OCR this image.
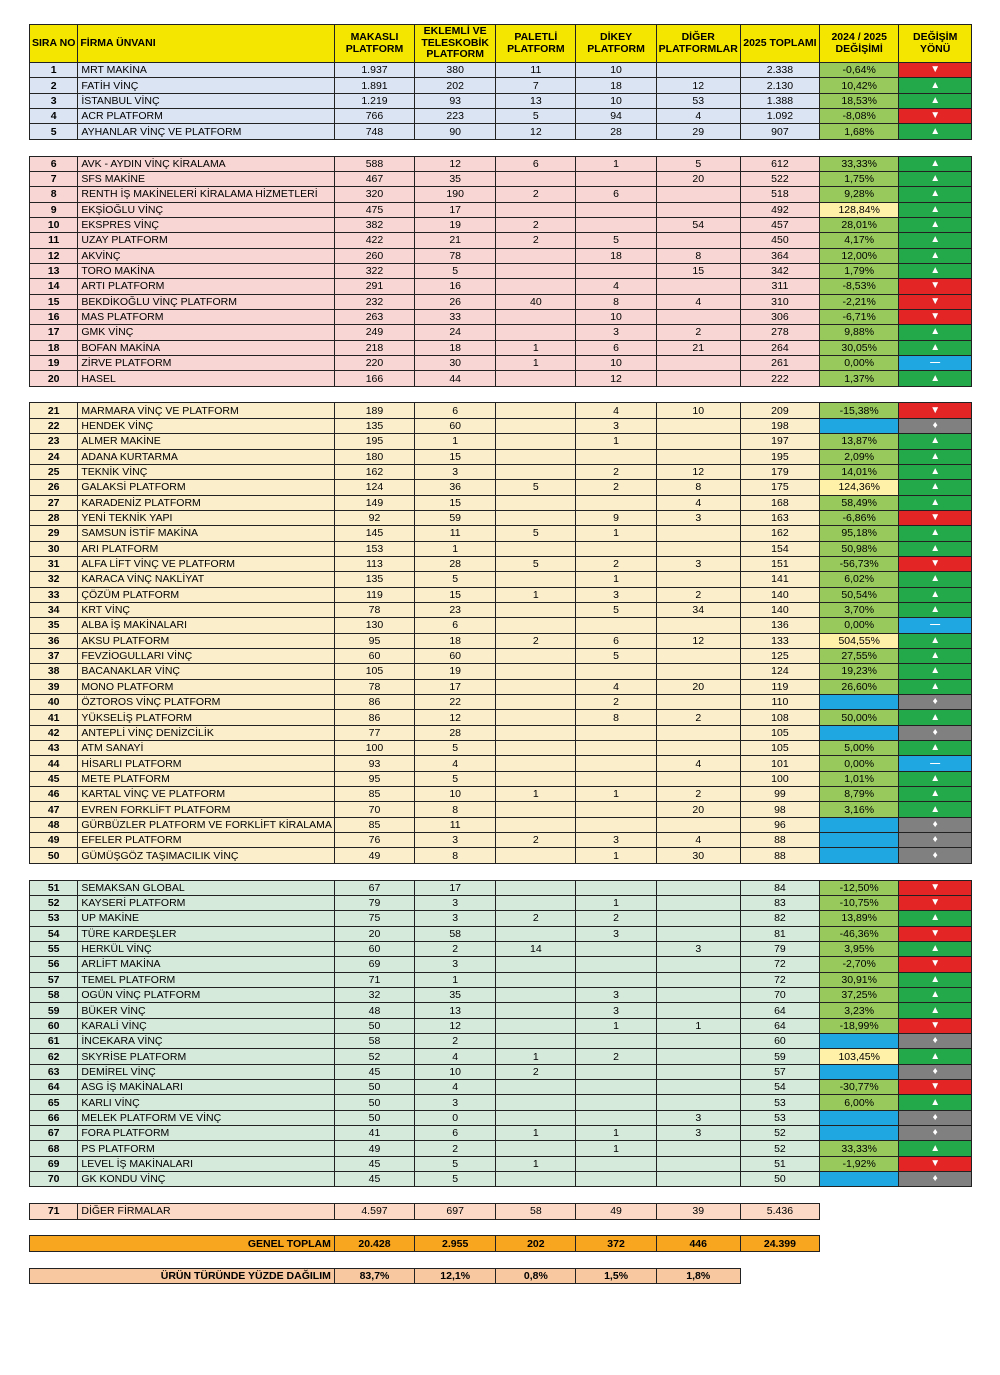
SIRA NO	FİRMA ÜNVANI	MAKASLI PLATFORM	EKLEMLİ VE TELESKOBİK PLATFORM	PALETLİ PLATFORM	DİKEY PLATFORM	DİĞER PLATFORMLAR	2025 TOPLAMI	2024 / 2025 DEĞİŞİMİ	DEĞİŞİM YÖNÜ
1	MRT MAKİNA	1.937	380	11	10		2.338	-0,64%	▼
2	FATİH VİNÇ	1.891	202	7	18	12	2.130	10,42%	▲
3	İSTANBUL VİNÇ	1.219	93	13	10	53	1.388	18,53%	▲
4	ACR PLATFORM	766	223	5	94	4	1.092	-8,08%	▼
5	AYHANLAR VİNÇ VE PLATFORM	748	90	12	28	29	907	1,68%	▲

6	AVK - AYDIN VİNÇ KİRALAMA	588	12	6	1	5	612	33,33%	▲
7	SFS MAKİNE	467	35			20	522	1,75%	▲
8	RENTH İŞ MAKİNELERİ KİRALAMA HİZMETLERİ	320	190	2	6		518	9,28%	▲
9	EKŞİOĞLU VİNÇ	475	17				492	128,84%	▲
10	EKSPRES VİNÇ	382	19	2		54	457	28,01%	▲
11	UZAY PLATFORM	422	21	2	5		450	4,17%	▲
12	AKVİNÇ	260	78		18	8	364	12,00%	▲
13	TORO MAKİNA	322	5			15	342	1,79%	▲
14	ARTI PLATFORM	291	16		4		311	-8,53%	▼
15	BEKDİKOĞLU VİNÇ PLATFORM	232	26	40	8	4	310	-2,21%	▼
16	MAS PLATFORM	263	33		10		306	-6,71%	▼
17	GMK VİNÇ	249	24		3	2	278	9,88%	▲
18	BOFAN MAKİNA	218	18	1	6	21	264	30,05%	▲
19	ZİRVE PLATFORM	220	30	1	10		261	0,00%	—
20	HASEL	166	44		12		222	1,37%	▲

21	MARMARA VİNÇ VE PLATFORM	189	6		4	10	209	-15,38%	▼
22	HENDEK VİNÇ	135	60		3		198		♦
23	ALMER MAKİNE	195	1		1		197	13,87%	▲
24	ADANA KURTARMA	180	15				195	2,09%	▲
25	TEKNİK VİNÇ	162	3		2	12	179	14,01%	▲
26	GALAKSİ PLATFORM	124	36	5	2	8	175	124,36%	▲
27	KARADENİZ PLATFORM	149	15			4	168	58,49%	▲
28	YENİ TEKNİK YAPI	92	59		9	3	163	-6,86%	▼
29	SAMSUN İSTİF MAKİNA	145	11	5	1		162	95,18%	▲
30	ARI PLATFORM	153	1				154	50,98%	▲
31	ALFA LİFT VİNÇ VE PLATFORM	113	28	5	2	3	151	-56,73%	▼
32	KARACA VİNÇ NAKLİYAT	135	5		1		141	6,02%	▲
33	ÇÖZÜM PLATFORM	119	15	1	3	2	140	50,54%	▲
34	KRT VİNÇ	78	23		5	34	140	3,70%	▲
35	ALBA İŞ MAKİNALARI	130	6				136	0,00%	—
36	AKSU PLATFORM	95	18	2	6	12	133	504,55%	▲
37	FEVZİOGULLARI VİNÇ	60	60		5		125	27,55%	▲
38	BACANAKLAR VİNÇ	105	19				124	19,23%	▲
39	MONO PLATFORM	78	17		4	20	119	26,60%	▲
40	ÖZTOROS VİNÇ PLATFORM	86	22		2		110		♦
41	YÜKSELİŞ PLATFORM	86	12		8	2	108	50,00%	▲
42	ANTEPLİ VİNÇ DENİZCİLİK	77	28				105		♦
43	ATM SANAYİ	100	5				105	5,00%	▲
44	HİSARLI PLATFORM	93	4			4	101	0,00%	—
45	METE PLATFORM	95	5				100	1,01%	▲
46	KARTAL VİNÇ VE PLATFORM	85	10	1	1	2	99	8,79%	▲
47	EVREN FORKLİFT PLATFORM	70	8			20	98	3,16%	▲
48	GÜRBÜZLER PLATFORM VE FORKLİFT KİRALAMA	85	11				96		♦
49	EFELER PLATFORM	76	3	2	3	4	88		♦
50	GÜMÜŞGÖZ TAŞIMACILIK VİNÇ	49	8		1	30	88		♦

51	SEMAKSAN GLOBAL	67	17				84	-12,50%	▼
52	KAYSERİ PLATFORM	79	3		1		83	-10,75%	▼
53	UP MAKİNE	75	3	2	2		82	13,89%	▲
54	TÜRE KARDEŞLER	20	58		3		81	-46,36%	▼
55	HERKÜL VİNÇ	60	2	14		3	79	3,95%	▲
56	ARLİFT MAKİNA	69	3				72	-2,70%	▼
57	TEMEL PLATFORM	71	1				72	30,91%	▲
58	OGÜN VİNÇ PLATFORM	32	35		3		70	37,25%	▲
59	BÜKER VİNÇ	48	13		3		64	3,23%	▲
60	KARALİ VİNÇ	50	12		1	1	64	-18,99%	▼
61	İNCEKARA VİNÇ	58	2				60		♦
62	SKYRİSE PLATFORM	52	4	1	2		59	103,45%	▲
63	DEMİREL VİNÇ	45	10	2			57		♦
64	ASG İŞ MAKİNALARI	50	4				54	-30,77%	▼
65	KARLI VİNÇ	50	3				53	6,00%	▲
66	MELEK PLATFORM VE VİNÇ	50	0			3	53		♦
67	FORA PLATFORM	41	6	1	1	3	52		♦
68	PS PLATFORM	49	2		1		52	33,33%	▲
69	LEVEL İŞ MAKİNALARI	45	5	1			51	-1,92%	▼
70	GK KONDU VİNÇ	45	5				50		♦

71	DİĞER FİRMALAR	4.597	697	58	49	39	5.436		

GENEL TOPLAM		20.428	2.955	202	372	446	24.399		

ÜRÜN TÜRÜNDE YÜZDE DAĞILIM		83,7%	12,1%	0,8%	1,5%	1,8%			
